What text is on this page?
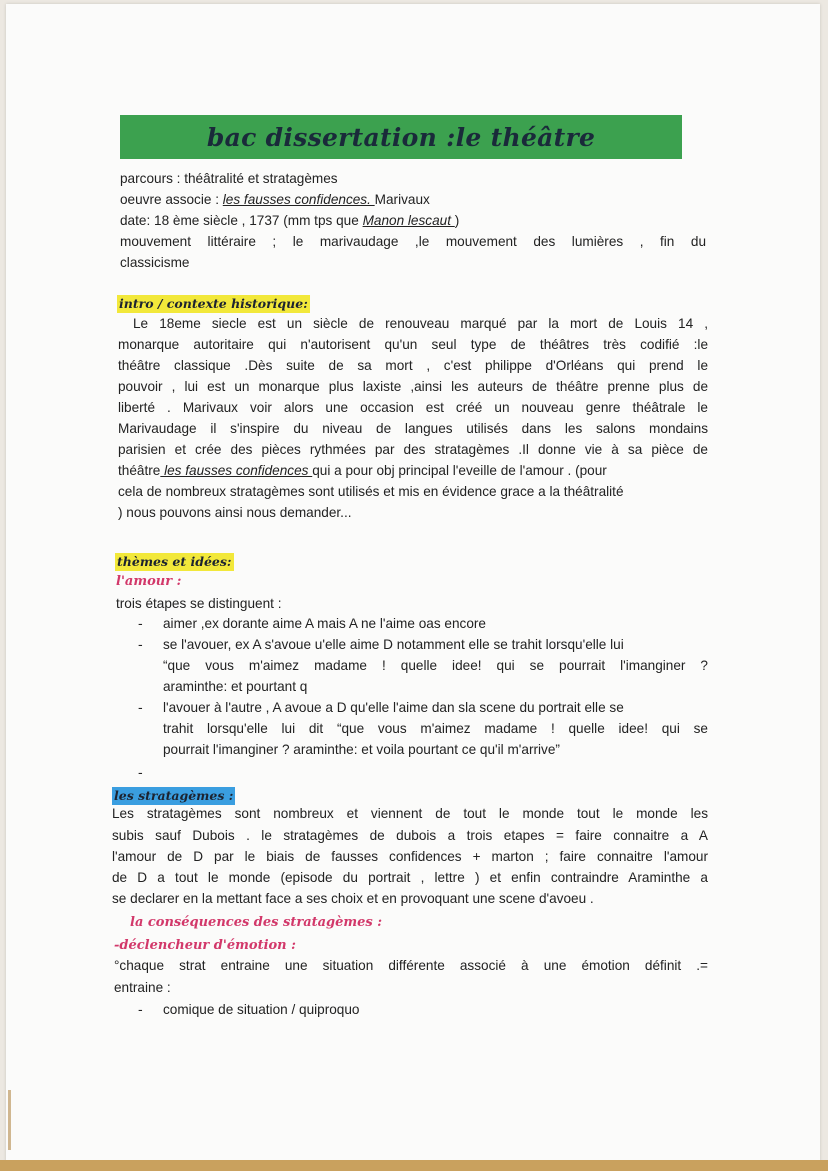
bac dissertation :le théâtre
parcours : théâtralité et stratagèmes
oeuvre associe : les fausses confidences. Marivaux
date: 18 ème siècle , 1737 (mm tps que Manon lescaut )
mouvement littéraire ; le marivaudage ,le mouvement des lumières , fin du
classicisme
intro / contexte historique:
Le 18eme siecle est un siècle de renouveau marqué par la mort de Louis 14 ,
monarque autoritaire qui n'autorisent qu'un seul type de théâtres très codifié :le
théâtre classique .Dès suite de sa mort , c'est philippe d'Orléans qui prend le
pouvoir , lui est un monarque plus laxiste ,ainsi les auteurs de théâtre prenne plus de
liberté . Marivaux voir alors une occasion est créé un nouveau genre théâtrale le
Marivaudage il s'inspire du niveau de langues utilisés dans les salons mondains
parisien et crée des pièces rythmées par des stratagèmes .Il donne vie à sa pièce de
théâtre les fausses confidences qui a pour obj principal l'eveille de l'amour . (pour
cela de nombreux stratagèmes sont utilisés et mis en évidence grace a la théâtralité
) nous pouvons ainsi nous demander...
thèmes et idées:
l'amour :
trois étapes se distinguent :
- aimer ,ex dorante aime A mais A ne l'aime oas encore
- se l'avouer, ex A s'avoue u'elle aime D notamment elle se trahit lorsqu'elle lui
“que vous m'aimez madame ! quelle idee! qui se pourrait l'imanginer ?
araminthe: et pourtant q
- l'avouer à l'autre , A avoue a D qu'elle l'aime dan sla scene du portrait elle se
trahit lorsqu'elle lui dit “que vous m'aimez madame ! quelle idee! qui se
pourrait l'imanginer ? araminthe: et voila pourtant ce qu'il m'arrive”
-
les stratagèmes :
Les stratagèmes sont nombreux et viennent de tout le monde tout le monde les
subis sauf Dubois . le stratagèmes de dubois a trois etapes = faire connaitre a A
l'amour de D par le biais de fausses confidences + marton ; faire connaitre l'amour
de D a tout le monde (episode du portrait , lettre ) et enfin contraindre Araminthe a
se declarer en la mettant face a ses choix et en provoquant une scene d'avoeu .
la conséquences des stratagèmes :
-déclencheur d'émotion :
°chaque strat entraine une situation différente associé à une émotion définit .=
entraine :
- comique de situation / quiproquo
